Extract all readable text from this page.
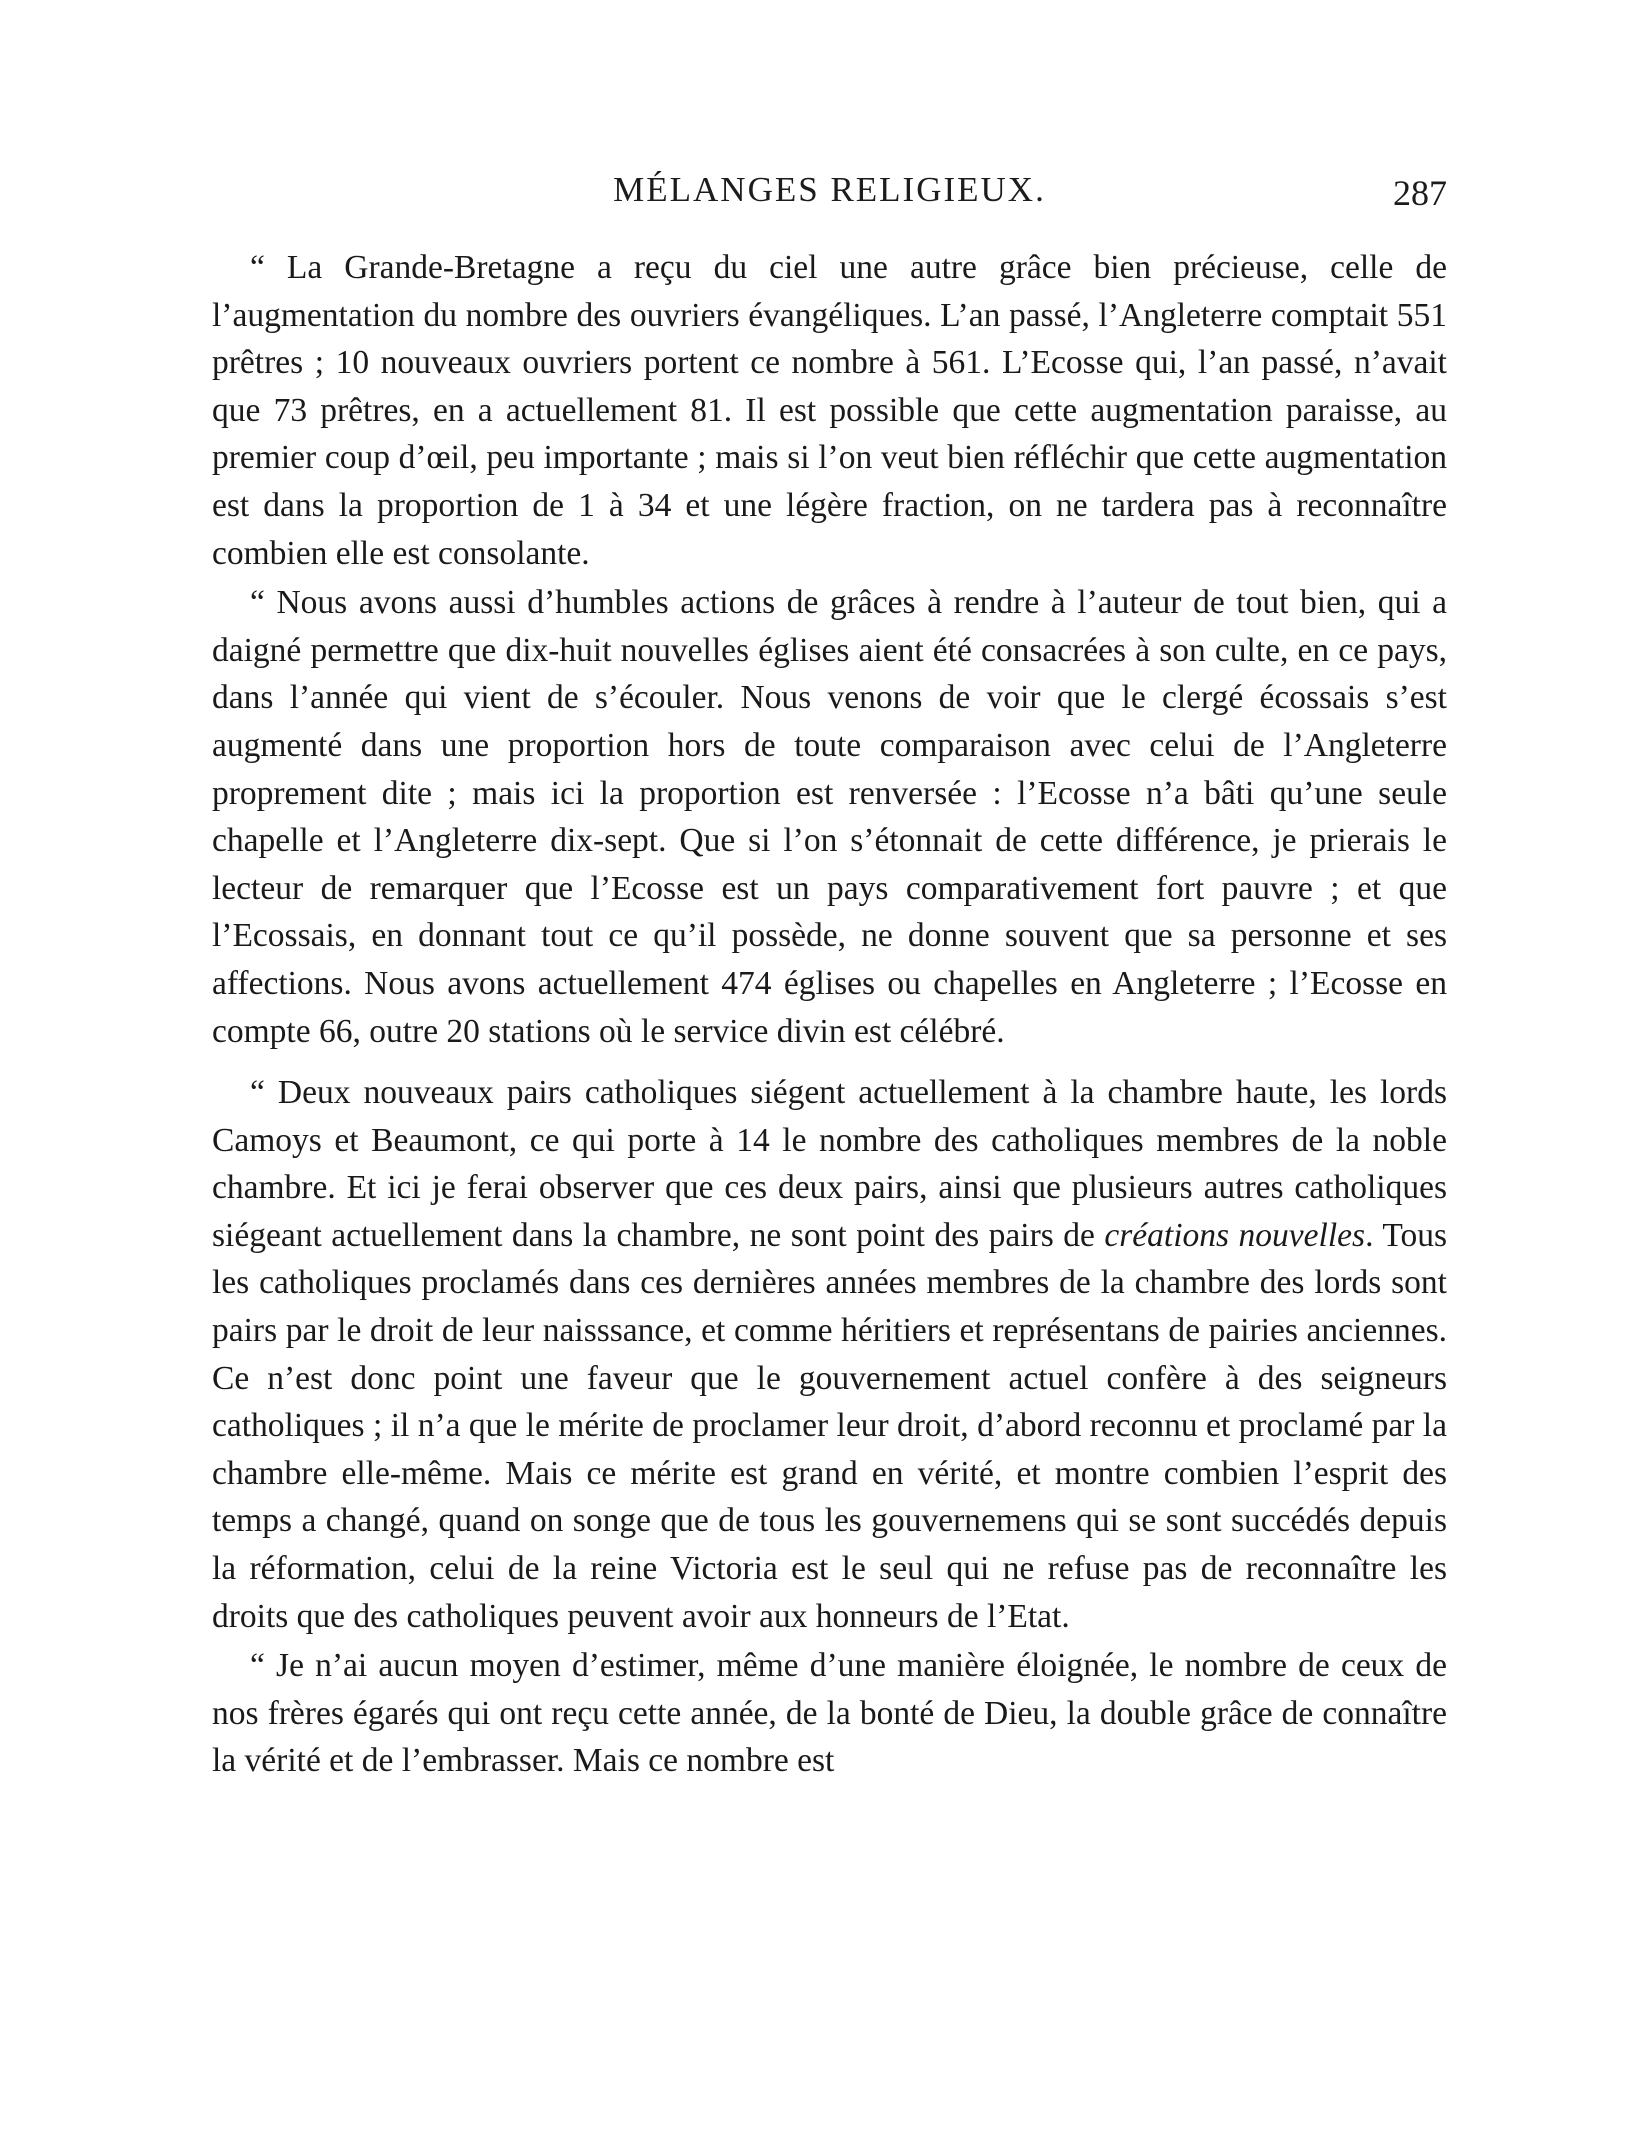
MÉLANGES RELIGIEUX.	287

“ La Grande-Bretagne a reçu du ciel une autre grâce bien précieuse, celle de l’augmentation du nombre des ouvriers évangéliques. L’an passé, l’Angleterre comptait 551 prêtres ; 10 nouveaux ouvriers portent ce nombre à 561. L’Ecosse qui, l’an passé, n’avait que 73 prêtres, en a actuellement 81. Il est possible que cette augmentation paraisse, au premier coup d’œil, peu importante ; mais si l’on veut bien réfléchir que cette augmentation est dans la proportion de 1 à 34 et une légère fraction, on ne tardera pas à reconnaître combien elle est consolante.

“ Nous avons aussi d’humbles actions de grâces à rendre à l’auteur de tout bien, qui a daigné permettre que dix-huit nouvelles églises aient été consacrées à son culte, en ce pays, dans l’année qui vient de s’écouler. Nous venons de voir que le clergé écossais s’est augmenté dans une proportion hors de toute comparaison avec celui de l’Angleterre proprement dite ; mais ici la proportion est renversée : l’Ecosse n’a bâti qu’une seule chapelle et l’Angleterre dix-sept. Que si l’on s’étonnait de cette différence, je prierais le lecteur de remarquer que l’Ecosse est un pays comparativement fort pauvre ; et que l’Ecossais, en donnant tout ce qu’il possède, ne donne souvent que sa personne et ses affections. Nous avons actuellement 474 églises ou chapelles en Angleterre ; l’Ecosse en compte 66, outre 20 stations où le service divin est célébré.

“ Deux nouveaux pairs catholiques siégent actuellement à la chambre haute, les lords Camoys et Beaumont, ce qui porte à 14 le nombre des catholiques membres de la noble chambre. Et ici je ferai observer que ces deux pairs, ainsi que plusieurs autres catholiques siégeant actuellement dans la chambre, ne sont point des pairs de créations nouvelles. Tous les catholiques proclamés dans ces dernières années membres de la chambre des lords sont pairs par le droit de leur naisssance, et comme héritiers et représentans de pairies anciennes. Ce n’est donc point une faveur que le gouvernement actuel confère à des seigneurs catholiques ; il n’a que le mérite de proclamer leur droit, d’abord reconnu et proclamé par la chambre elle-même. Mais ce mérite est grand en vérité, et montre combien l’esprit des temps a changé, quand on songe que de tous les gouvernemens qui se sont succédés depuis la réformation, celui de la reine Victoria est le seul qui ne refuse pas de reconnaître les droits que des catholiques peuvent avoir aux honneurs de l’Etat.

“ Je n’ai aucun moyen d’estimer, même d’une manière éloignée, le nombre de ceux de nos frères égarés qui ont reçu cette année, de la bonté de Dieu, la double grâce de connaître la vérité et de l’embrasser. Mais ce nombre est
